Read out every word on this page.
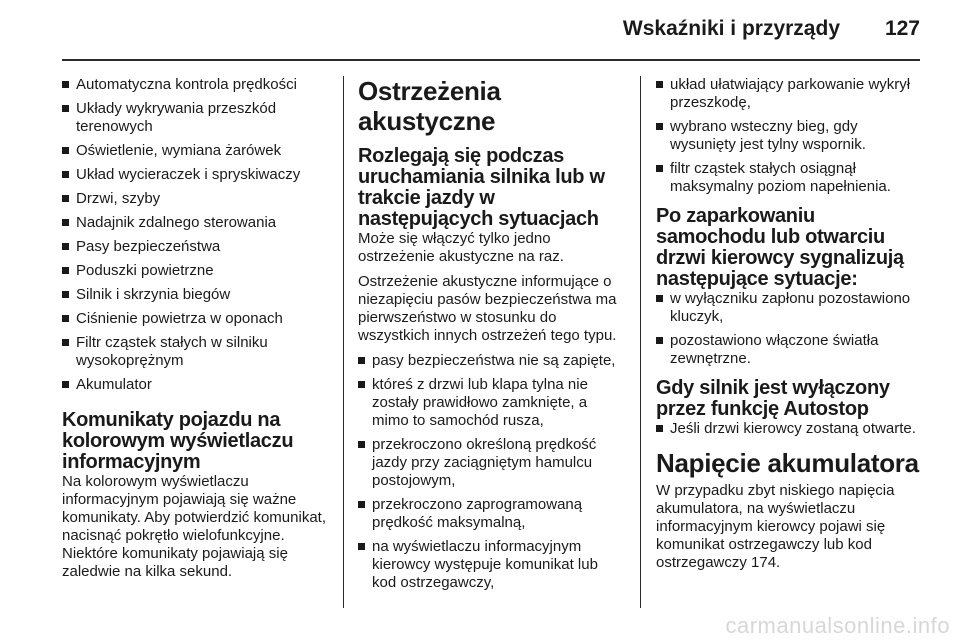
Wskaźniki i przyrządy 127
Automatyczna kontrola prędkości
Układy wykrywania przeszkód terenowych
Oświetlenie, wymiana żarówek
Układ wycieraczek i spryskiwaczy
Drzwi, szyby
Nadajnik zdalnego sterowania
Pasy bezpieczeństwa
Poduszki powietrzne
Silnik i skrzynia biegów
Ciśnienie powietrza w oponach
Filtr cząstek stałych w silniku wysokoprężnym
Akumulator
Komunikaty pojazdu na kolorowym wyświetlaczu informacyjnym
Na kolorowym wyświetlaczu informacyjnym pojawiają się ważne komunikaty. Aby potwierdzić komunikat, nacisnąć pokrętło wielofunkcyjne. Niektóre komunikaty pojawiają się zaledwie na kilka sekund.
Ostrzeżenia akustyczne
Rozlegają się podczas uruchamiania silnika lub w trakcie jazdy w następujących sytuacjach
Może się włączyć tylko jedno ostrzeżenie akustyczne na raz.
Ostrzeżenie akustyczne informujące o niezapięciu pasów bezpieczeństwa ma pierwszeństwo w stosunku do wszystkich innych ostrzeżeń tego typu.
pasy bezpieczeństwa nie są zapięte,
któreś z drzwi lub klapa tylna nie zostały prawidłowo zamknięte, a mimo to samochód rusza,
przekroczono określoną prędkość jazdy przy zaciągniętym hamulcu postojowym,
przekroczono zaprogramowaną prędkość maksymalną,
na wyświetlaczu informacyjnym kierowcy występuje komunikat lub kod ostrzegawczy,
układ ułatwiający parkowanie wykrył przeszkodę,
wybrano wsteczny bieg, gdy wysunięty jest tylny wspornik.
filtr cząstek stałych osiągnął maksymalny poziom napełnienia.
Po zaparkowaniu samochodu lub otwarciu drzwi kierowcy sygnalizują następujące sytuacje:
w wyłączniku zapłonu pozostawiono kluczyk,
pozostawiono włączone światła zewnętrzne.
Gdy silnik jest wyłączony przez funkcję Autostop
Jeśli drzwi kierowcy zostaną otwarte.
Napięcie akumulatora
W przypadku zbyt niskiego napięcia akumulatora, na wyświetlaczu informacyjnym kierowcy pojawi się komunikat ostrzegawczy lub kod ostrzegawczy 174.
carmanualsonline.info
